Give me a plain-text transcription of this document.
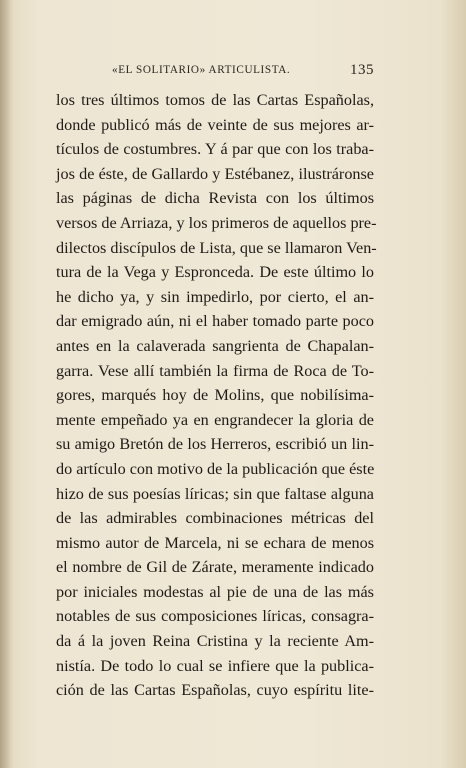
«EL SOLITARIO» ARTICULISTA.	135
los tres últimos tomos de las Cartas Españolas,
donde publicó más de veinte de sus mejores ar-
tículos de costumbres. Y á par que con los traba-
jos de éste, de Gallardo y Estébanez, ilustráronse
las páginas de dicha Revista con los últimos
versos de Arriaza, y los primeros de aquellos pre-
dilectos discípulos de Lista, que se llamaron Ven-
tura de la Vega y Espronceda. De este último lo
he dicho ya, y sin impedirlo, por cierto, el an-
dar emigrado aún, ni el haber tomado parte poco
antes en la calaverada sangrienta de Chapalan-
garra. Vese allí también la firma de Roca de To-
gores, marqués hoy de Molins, que nobilísima-
mente empeñado ya en engrandecer la gloria de
su amigo Bretón de los Herreros, escribió un lin-
do artículo con motivo de la publicación que éste
hizo de sus poesías líricas; sin que faltase alguna
de las admirables combinaciones métricas del
mismo autor de Marcela, ni se echara de menos
el nombre de Gil de Zárate, meramente indicado
por iniciales modestas al pie de una de las más
notables de sus composiciones líricas, consagra-
da á la joven Reina Cristina y la reciente Am-
nistía. De todo lo cual se infiere que la publica-
ción de las Cartas Españolas, cuyo espíritu lite-
